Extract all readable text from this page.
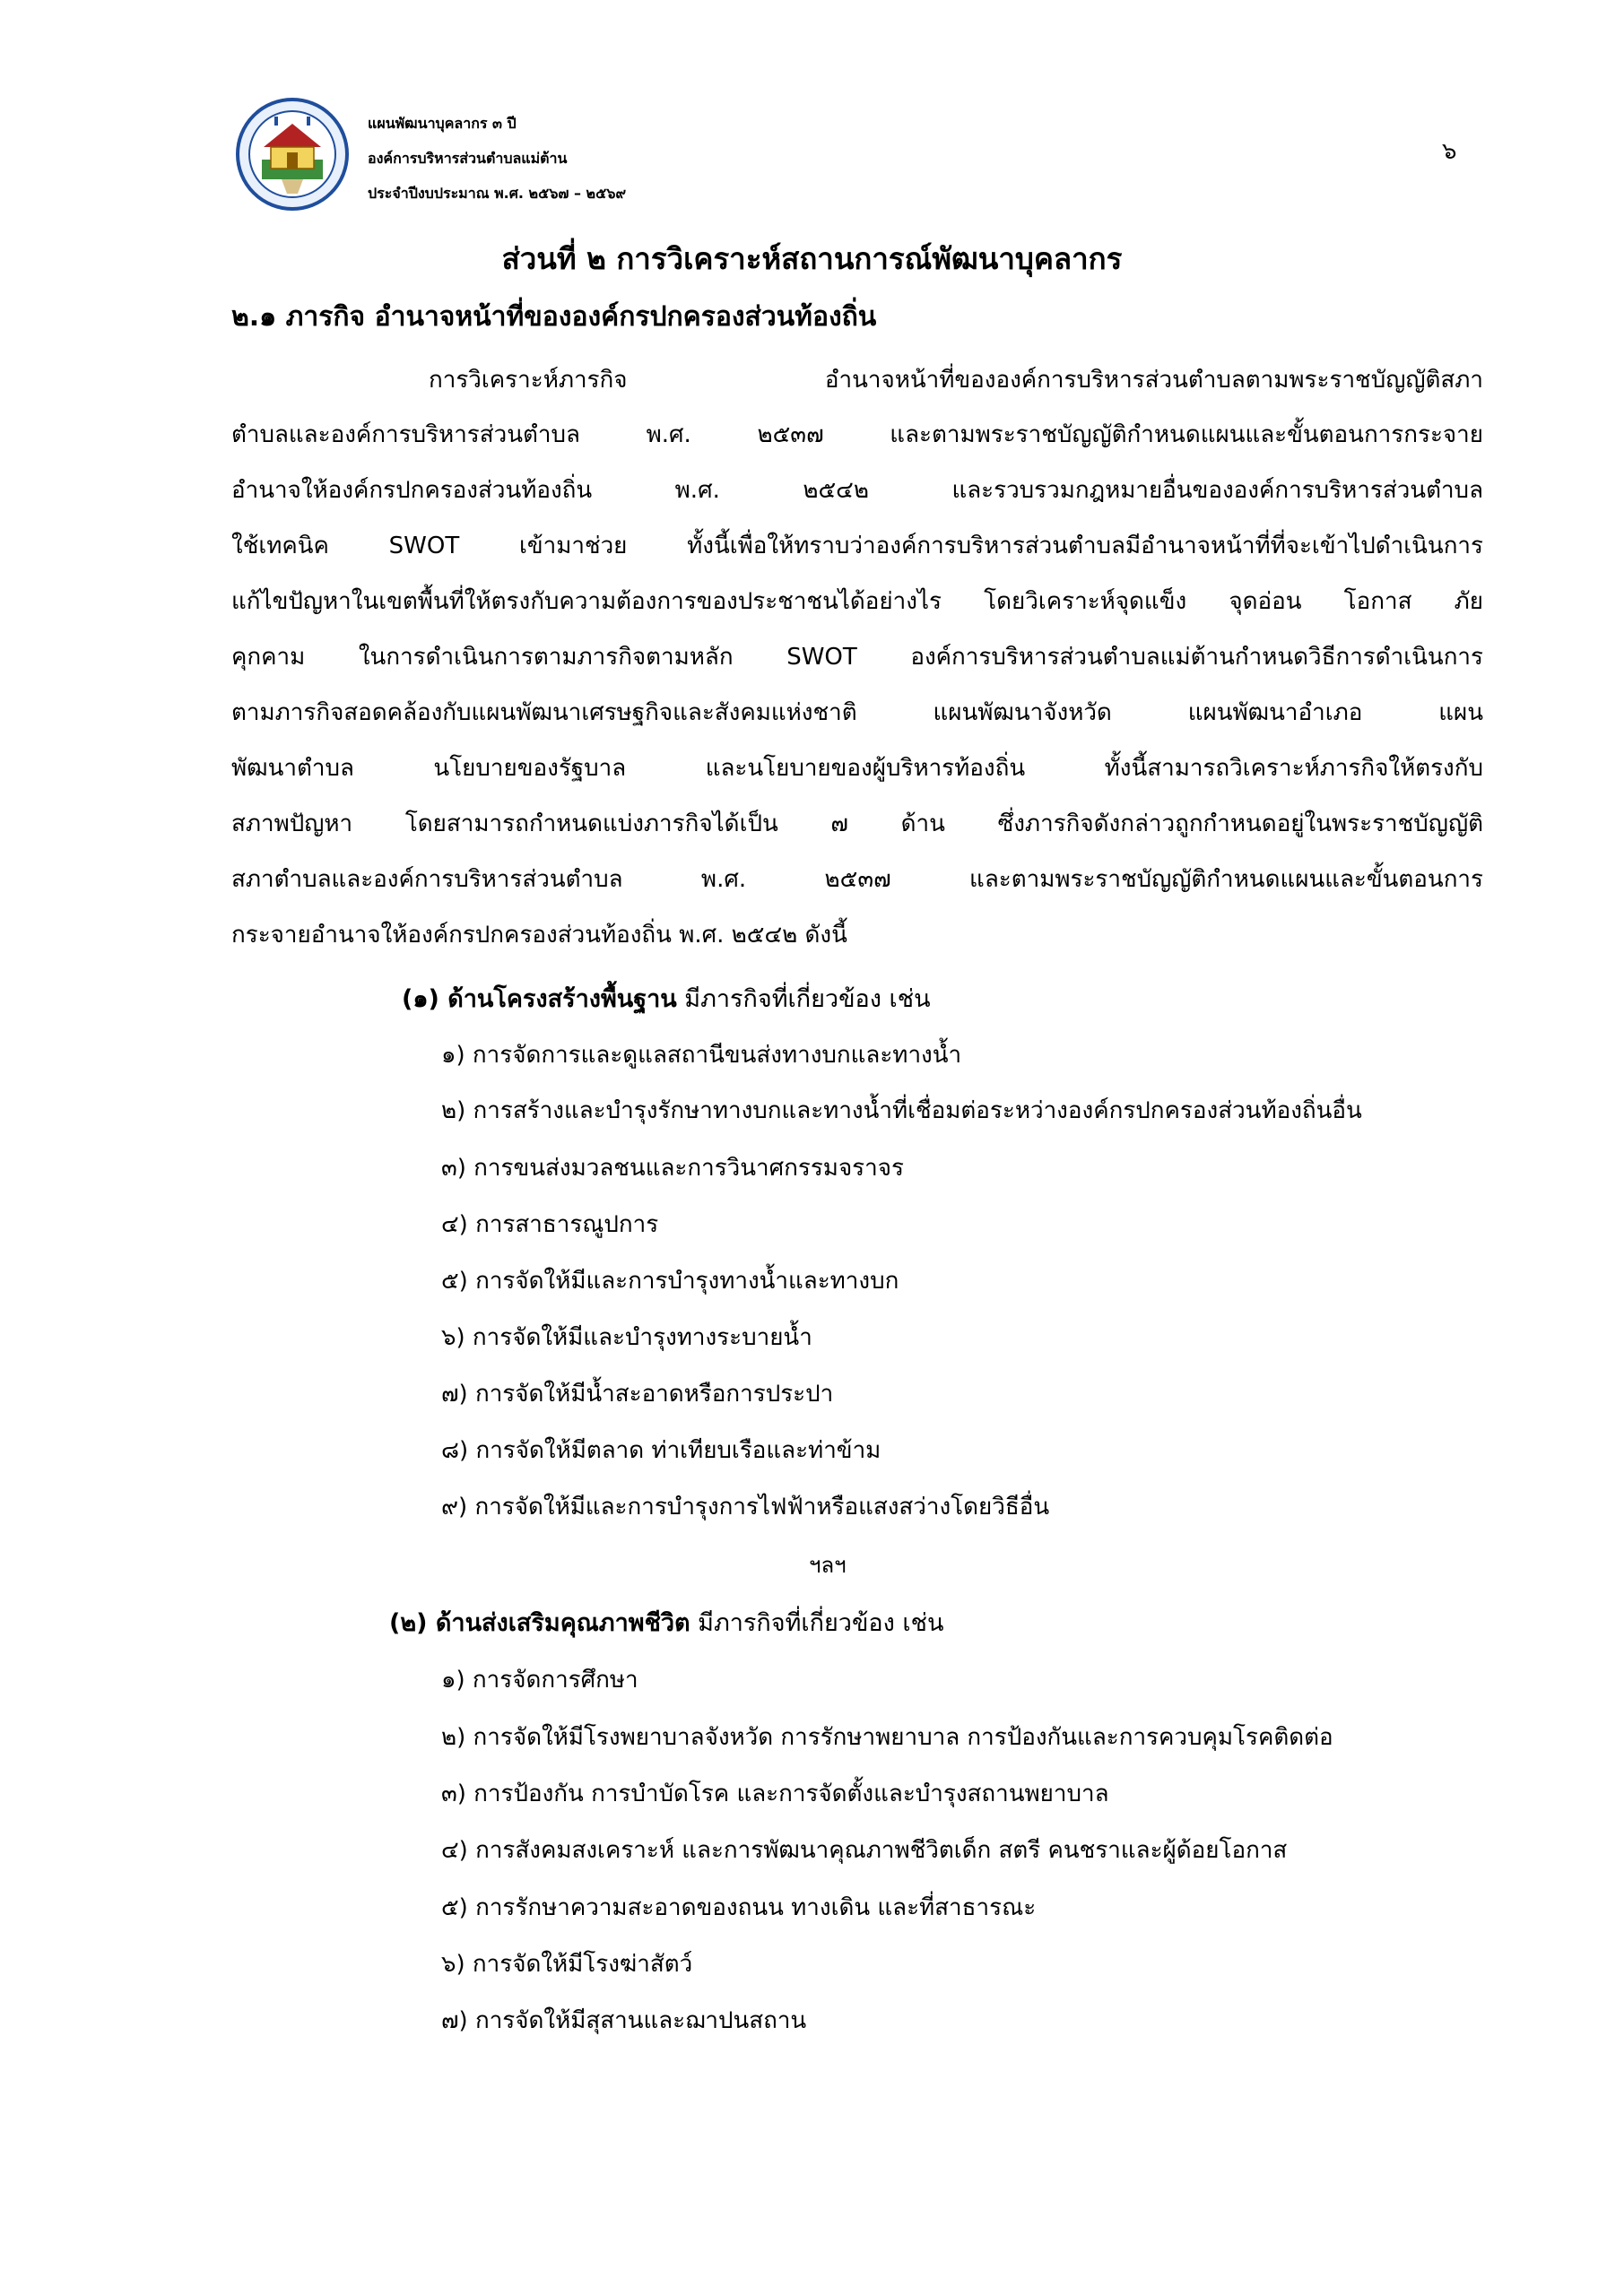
แผนพัฒนาบุคลากร ๓ ปี
องค์การบริหารส่วนตำบลแม่ต้าน
ประจำปีงบประมาณ พ.ศ. ๒๕๖๗ – ๒๕๖๙
๖
ส่วนที่ ๒ การวิเคราะห์สถานการณ์พัฒนาบุคลากร
๒.๑ ภารกิจ อำนาจหน้าที่ขององค์กรปกครองส่วนท้องถิ่น
การวิเคราะห์ภารกิจ อำนาจหน้าที่ขององค์การบริหารส่วนตำบลตามพระราชบัญญัติสภา
ตำบลและองค์การบริหารส่วนตำบล พ.ศ. ๒๕๓๗ และตามพระราชบัญญัติกำหนดแผนและขั้นตอนการกระจาย
อำนาจให้องค์กรปกครองส่วนท้องถิ่น พ.ศ. ๒๕๔๒ และรวบรวมกฎหมายอื่นขององค์การบริหารส่วนตำบล
ใช้เทคนิค SWOT เข้ามาช่วย ทั้งนี้เพื่อให้ทราบว่าองค์การบริหารส่วนตำบลมีอำนาจหน้าที่ที่จะเข้าไปดำเนินการ
แก้ไขปัญหาในเขตพื้นที่ให้ตรงกับความต้องการของประชาชนได้อย่างไร โดยวิเคราะห์จุดแข็ง จุดอ่อน โอกาส ภัย
คุกคาม ในการดำเนินการตามภารกิจตามหลัก SWOT องค์การบริหารส่วนตำบลแม่ต้านกำหนดวิธีการดำเนินการ
ตามภารกิจสอดคล้องกับแผนพัฒนาเศรษฐกิจและสังคมแห่งชาติ แผนพัฒนาจังหวัด แผนพัฒนาอำเภอ แผน
พัฒนาตำบล นโยบายของรัฐบาล และนโยบายของผู้บริหารท้องถิ่น ทั้งนี้สามารถวิเคราะห์ภารกิจให้ตรงกับ
สภาพปัญหา โดยสามารถกำหนดแบ่งภารกิจได้เป็น ๗ ด้าน ซึ่งภารกิจดังกล่าวถูกกำหนดอยู่ในพระราชบัญญัติ
สภาตำบลและองค์การบริหารส่วนตำบล พ.ศ. ๒๕๓๗ และตามพระราชบัญญัติกำหนดแผนและขั้นตอนการ
กระจายอำนาจให้องค์กรปกครองส่วนท้องถิ่น พ.ศ. ๒๕๔๒ ดังนี้
(๑) ด้านโครงสร้างพื้นฐาน มีภารกิจที่เกี่ยวข้อง เช่น
๑) การจัดการและดูแลสถานีขนส่งทางบกและทางน้ำ
๒) การสร้างและบำรุงรักษาทางบกและทางน้ำที่เชื่อมต่อระหว่างองค์กรปกครองส่วนท้องถิ่นอื่น
๓) การขนส่งมวลชนและการวินาศกรรมจราจร
๔) การสาธารณูปการ
๕) การจัดให้มีและการบำรุงทางน้ำและทางบก
๖) การจัดให้มีและบำรุงทางระบายน้ำ
๗) การจัดให้มีน้ำสะอาดหรือการประปา
๘) การจัดให้มีตลาด ท่าเทียบเรือและท่าข้าม
๙) การจัดให้มีและการบำรุงการไฟฟ้าหรือแสงสว่างโดยวิธีอื่น
ฯลฯ
(๒) ด้านส่งเสริมคุณภาพชีวิต มีภารกิจที่เกี่ยวข้อง เช่น
๑) การจัดการศึกษา
๒) การจัดให้มีโรงพยาบาลจังหวัด การรักษาพยาบาล การป้องกันและการควบคุมโรคติดต่อ
๓) การป้องกัน การบำบัดโรค และการจัดตั้งและบำรุงสถานพยาบาล
๔) การสังคมสงเคราะห์ และการพัฒนาคุณภาพชีวิตเด็ก สตรี คนชราและผู้ด้อยโอกาส
๕) การรักษาความสะอาดของถนน ทางเดิน และที่สาธารณะ
๖) การจัดให้มีโรงฆ่าสัตว์
๗) การจัดให้มีสุสานและฌาปนสถาน
